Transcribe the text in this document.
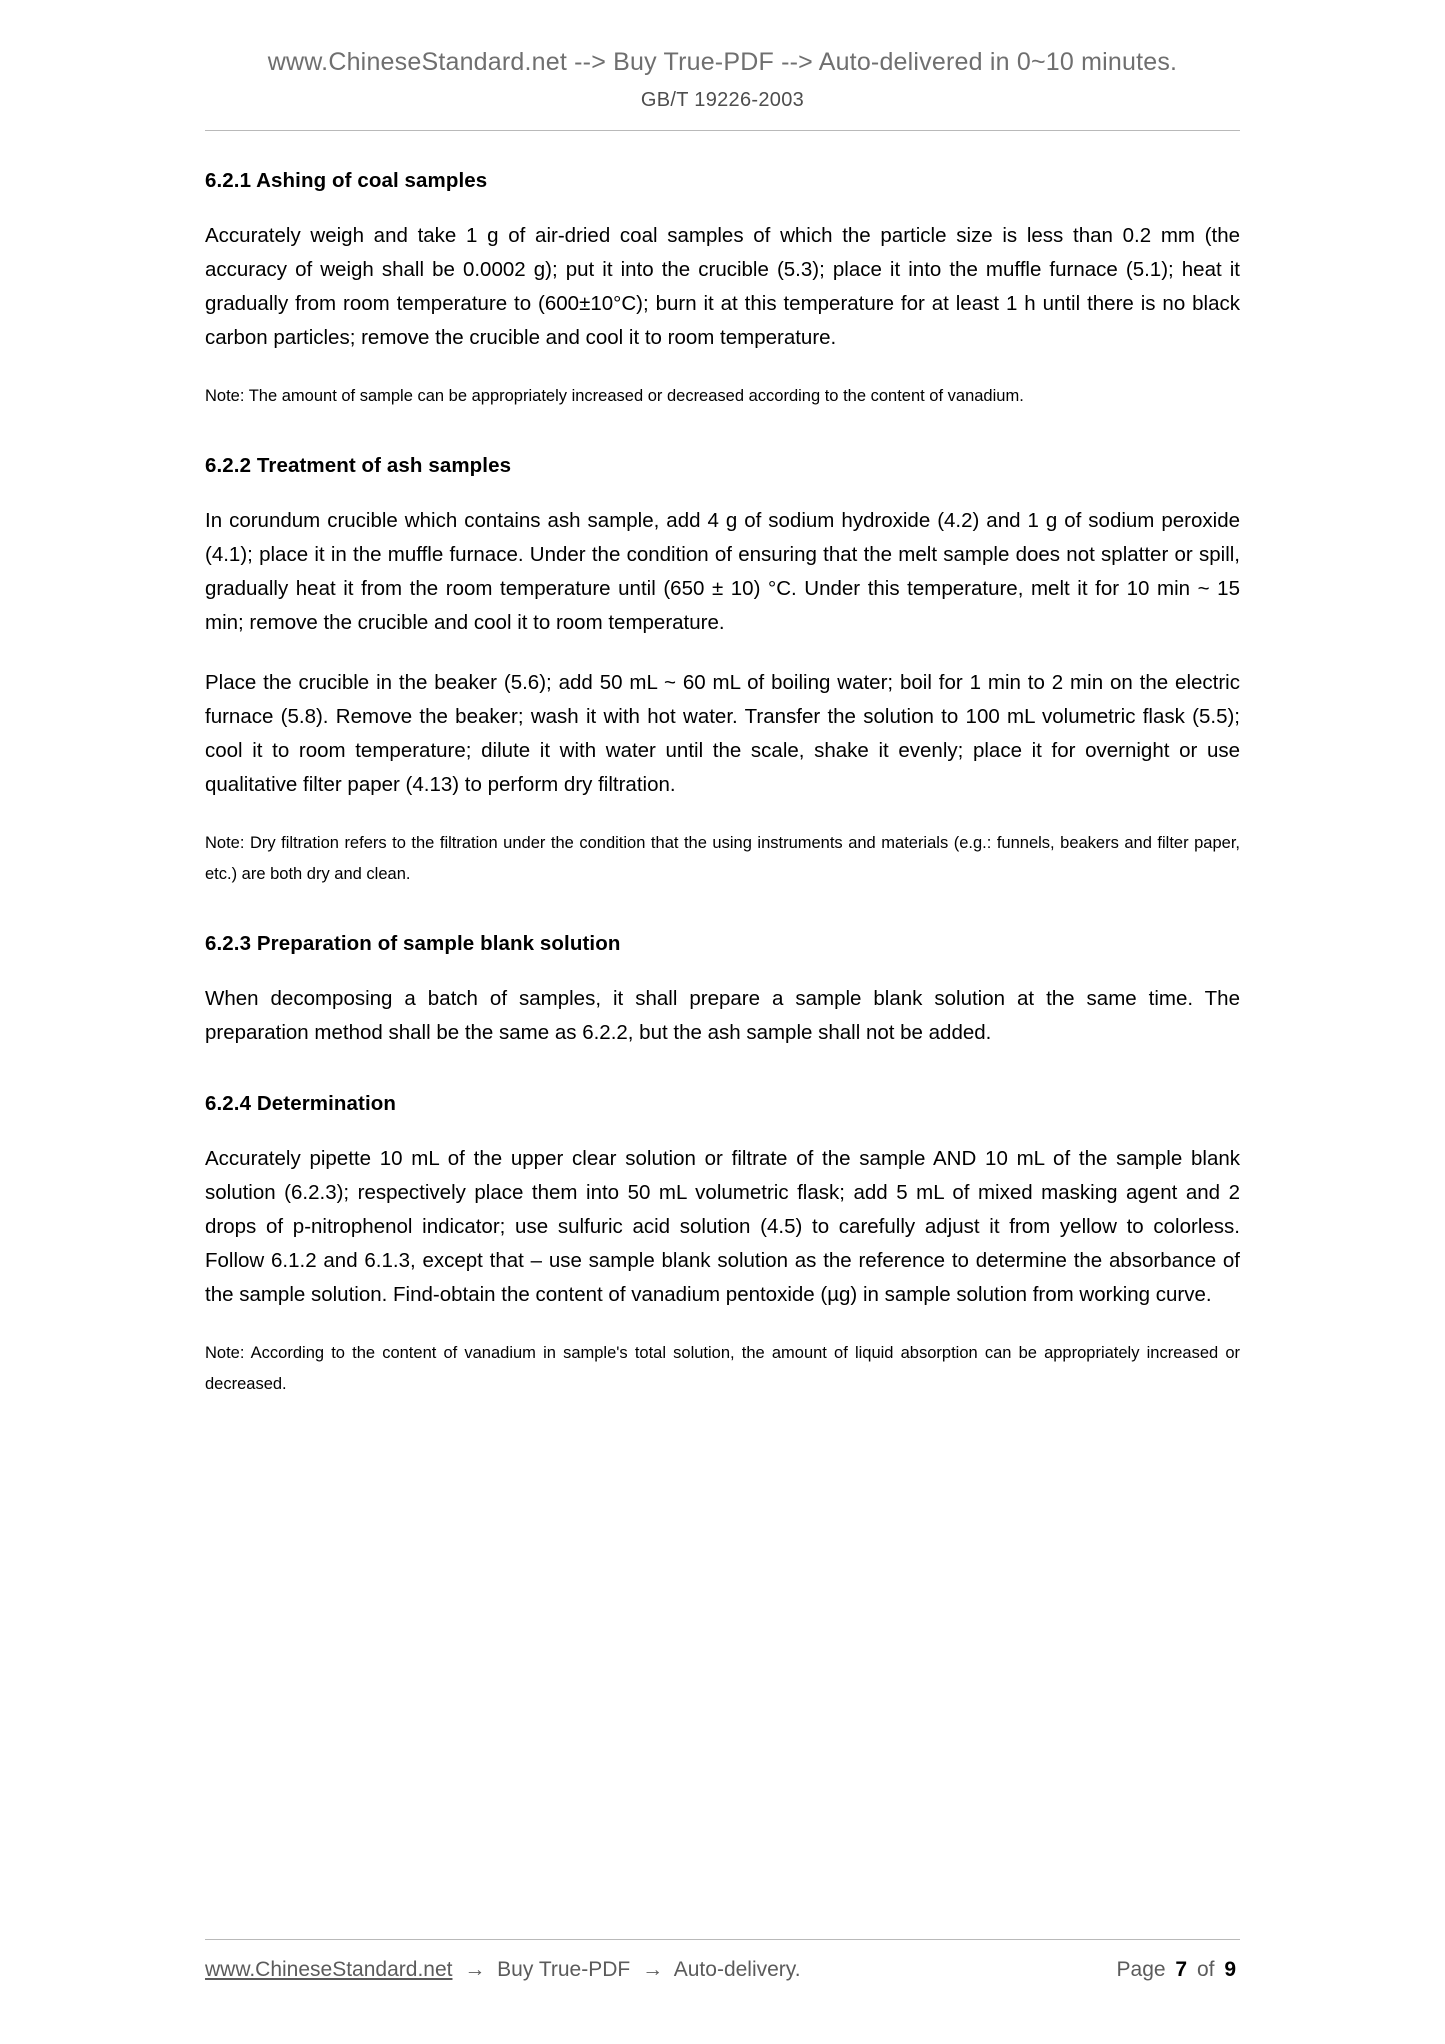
www.ChineseStandard.net --> Buy True-PDF --> Auto-delivered in 0~10 minutes.
GB/T 19226-2003
6.2.1 Ashing of coal samples

Accurately weigh and take 1 g of air-dried coal samples of which the particle size is less than 0.2 mm (the accuracy of weigh shall be 0.0002 g); put it into the crucible (5.3); place it into the muffle furnace (5.1); heat it gradually from room temperature to (600±10°C); burn it at this temperature for at least 1 h until there is no black carbon particles; remove the crucible and cool it to room temperature.

Note: The amount of sample can be appropriately increased or decreased according to the content of vanadium.

6.2.2 Treatment of ash samples

In corundum crucible which contains ash sample, add 4 g of sodium hydroxide (4.2) and 1 g of sodium peroxide (4.1); place it in the muffle furnace. Under the condition of ensuring that the melt sample does not splatter or spill, gradually heat it from the room temperature until (650 ± 10) °C. Under this temperature, melt it for 10 min ~ 15 min; remove the crucible and cool it to room temperature.

Place the crucible in the beaker (5.6); add 50 mL ~ 60 mL of boiling water; boil for 1 min to 2 min on the electric furnace (5.8). Remove the beaker; wash it with hot water. Transfer the solution to 100 mL volumetric flask (5.5); cool it to room temperature; dilute it with water until the scale, shake it evenly; place it for overnight or use qualitative filter paper (4.13) to perform dry filtration.

Note: Dry filtration refers to the filtration under the condition that the using instruments and materials (e.g.: funnels, beakers and filter paper, etc.) are both dry and clean.

6.2.3 Preparation of sample blank solution

When decomposing a batch of samples, it shall prepare a sample blank solution at the same time. The preparation method shall be the same as 6.2.2, but the ash sample shall not be added.

6.2.4 Determination

Accurately pipette 10 mL of the upper clear solution or filtrate of the sample AND 10 mL of the sample blank solution (6.2.3); respectively place them into 50 mL volumetric flask; add 5 mL of mixed masking agent and 2 drops of p-nitrophenol indicator; use sulfuric acid solution (4.5) to carefully adjust it from yellow to colorless. Follow 6.1.2 and 6.1.3, except that – use sample blank solution as the reference to determine the absorbance of the sample solution. Find-obtain the content of vanadium pentoxide (µg) in sample solution from working curve.

Note: According to the content of vanadium in sample's total solution, the amount of liquid absorption can be appropriately increased or decreased.

www.ChineseStandard.net → Buy True-PDF → Auto-delivery.	Page 7 of 9
